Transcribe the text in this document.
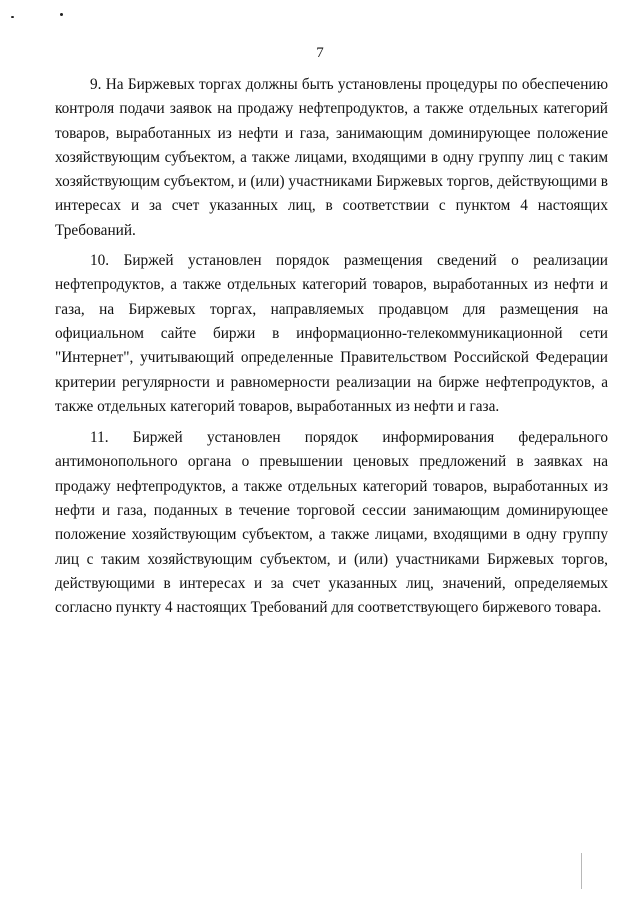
7

9. На Биржевых торгах должны быть установлены процедуры по обеспечению
контроля подачи заявок на продажу нефтепродуктов, а также отдельных категорий
товаров, выработанных из нефти и газа, занимающим доминирующее положение
хозяйствующим субъектом, а также лицами, входящими в одну группу лиц с таким
хозяйствующим субъектом, и (или) участниками Биржевых торгов, действующими в
интересах и за счет указанных лиц, в соответствии с пунктом 4 настоящих
Требований.

10. Биржей установлен порядок размещения сведений о реализации
нефтепродуктов, а также отдельных категорий товаров, выработанных из нефти и
газа, на Биржевых торгах, направляемых продавцом для размещения на
официальном сайте биржи в информационно-телекоммуникационной сети
"Интернет", учитывающий определенные Правительством Российской Федерации
критерии регулярности и равномерности реализации на бирже нефтепродуктов, а
также отдельных категорий товаров, выработанных из нефти и газа.

11. Биржей установлен порядок информирования федерального
антимонопольного органа о превышении ценовых предложений в заявках на
продажу нефтепродуктов, а также отдельных категорий товаров, выработанных из
нефти и газа, поданных в течение торговой сессии занимающим доминирующее
положение хозяйствующим субъектом, а также лицами, входящими в одну группу
лиц с таким хозяйствующим субъектом, и (или) участниками Биржевых торгов,
действующими в интересах и за счет указанных лиц, значений, определяемых
согласно пункту 4 настоящих Требований для соответствующего биржевого товара.
